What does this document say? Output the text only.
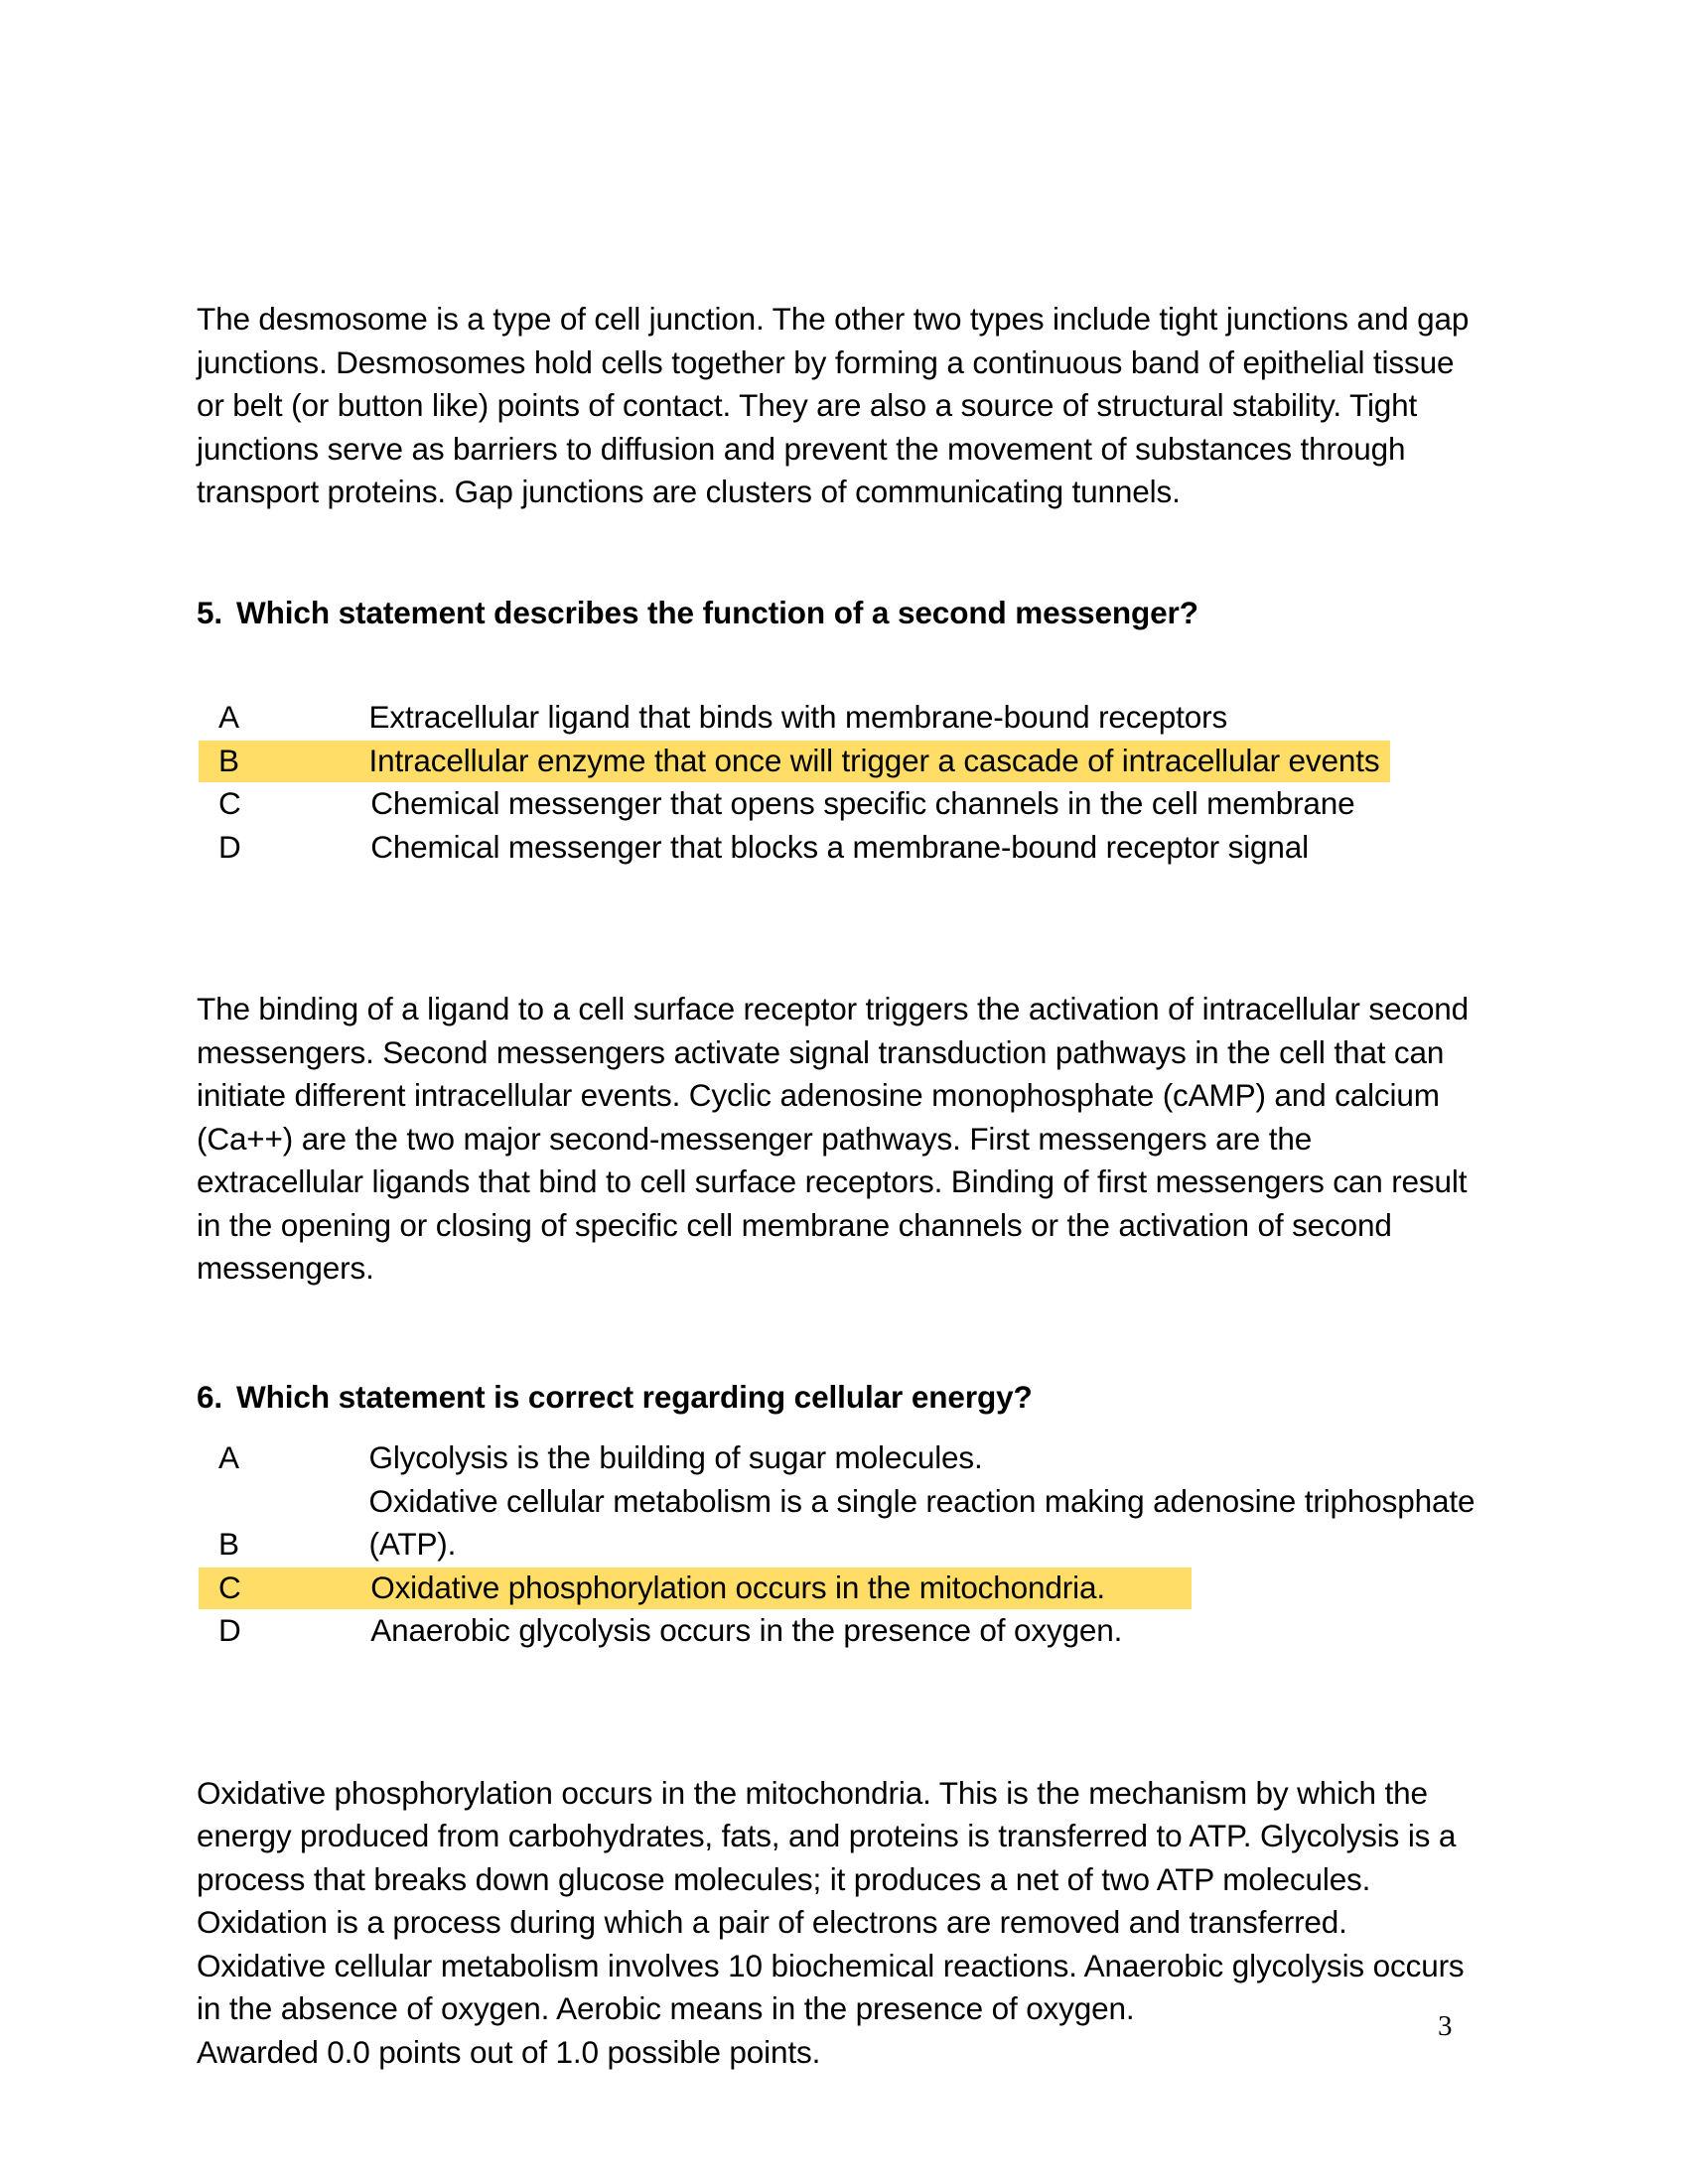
The desmosome is a type of cell junction. The other two types include tight junctions and gap junctions. Desmosomes hold cells together by forming a continuous band of epithelial tissue or belt (or button like) points of contact. They are also a source of structural stability. Tight junctions serve as barriers to diffusion and prevent the movement of substances through transport proteins. Gap junctions are clusters of communicating tunnels.

5. Which statement describes the function of a second messenger?
A	Extracellular ligand that binds with membrane-bound receptors
B	Intracellular enzyme that once will trigger a cascade of intracellular events
C	Chemical messenger that opens specific channels in the cell membrane
D	Chemical messenger that blocks a membrane-bound receptor signal

The binding of a ligand to a cell surface receptor triggers the activation of intracellular second messengers. Second messengers activate signal transduction pathways in the cell that can initiate different intracellular events. Cyclic adenosine monophosphate (cAMP) and calcium (Ca++) are the two major second-messenger pathways. First messengers are the extracellular ligands that bind to cell surface receptors. Binding of first messengers can result in the opening or closing of specific cell membrane channels or the activation of second messengers.

6. Which statement is correct regarding cellular energy?
A	Glycolysis is the building of sugar molecules.
B Oxidative cellular metabolism is a single reaction making adenosine triphosphate (ATP).
C	Oxidative phosphorylation occurs in the mitochondria.
D	Anaerobic glycolysis occurs in the presence of oxygen.

Oxidative phosphorylation occurs in the mitochondria. This is the mechanism by which the energy produced from carbohydrates, fats, and proteins is transferred to ATP. Glycolysis is a process that breaks down glucose molecules; it produces a net of two ATP molecules. Oxidation is a process during which a pair of electrons are removed and transferred. Oxidative cellular metabolism involves 10 biochemical reactions. Anaerobic glycolysis occurs in the absence of oxygen. Aerobic means in the presence of oxygen.
Awarded 0.0 points out of 1.0 possible points.

3
